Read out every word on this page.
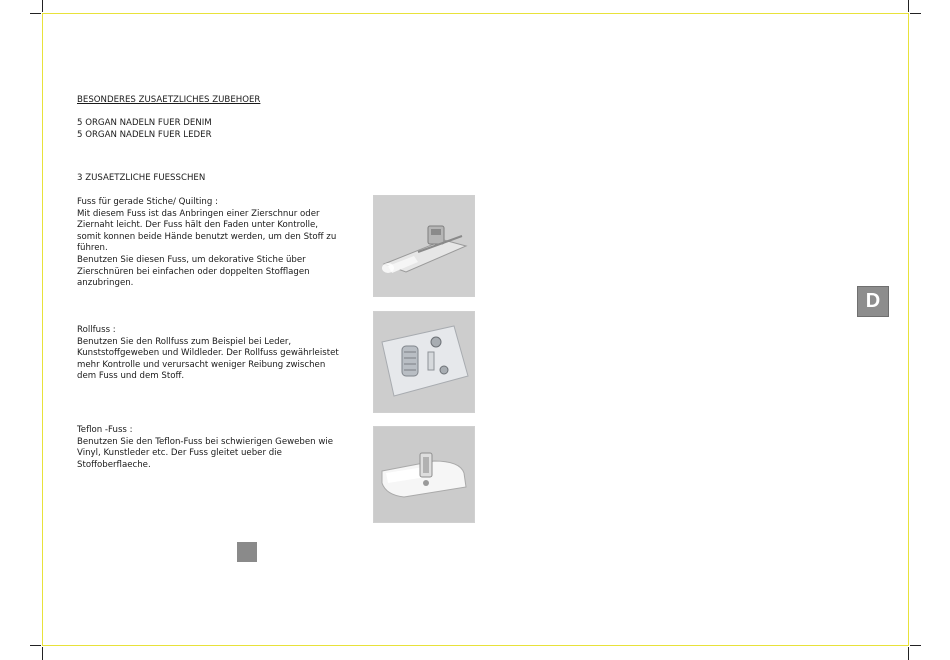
BESONDERES ZUSAETZLICHES ZUBEHOER
5 ORGAN NADELN FUER DENIM
5 ORGAN NADELN FUER LEDER
3 ZUSAETZLICHE FUESSCHEN
Fuss für gerade Stiche/ Quilting :
Mit diesem Fuss ist das Anbringen einer Zierschnur oder
Ziernaht leicht. Der Fuss hält den Faden unter Kontrolle,
somit konnen beide Hände benutzt werden, um den Stoff zu
führen.
Benutzen Sie diesen Fuss, um dekorative Stiche über
Zierschnüren bei einfachen oder doppelten Stofflagen
anzubringen.
Rollfuss :
Benutzen Sie den Rollfuss zum Beispiel bei Leder,
Kunststoffgeweben und Wildleder. Der Rollfuss gewährleistet
mehr Kontrolle und verursacht weniger Reibung zwischen
dem Fuss und dem Stoff.
Teflon -Fuss :
Benutzen Sie den Teflon-Fuss bei schwierigen Geweben wie
Vinyl, Kunstleder etc. Der Fuss gleitet ueber die
Stoffoberflaeche.
D
